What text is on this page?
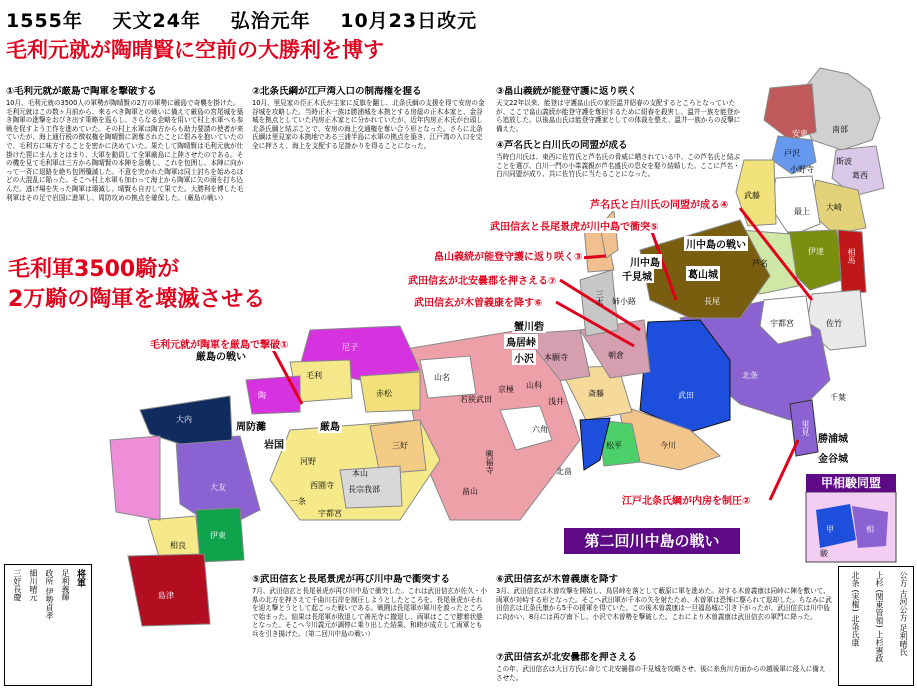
1555年 天文24年 弘治元年 10月23日改元
毛利元就が陶晴賢に空前の大勝利を博す
①毛利元就が厳島で陶軍を撃破する
10月、毛利元就の3500人の軍勢が陶晴賢の2万の軍勢に厳島で奇襲を掛けた。毛利元就はこの数ヶ月前から、来るべき陶軍との戦いに備えて厳島の宮尾城を築き陶軍の進撃をおびき出す策略を巡らし、さらなる企略を用いて村上水軍へも参戦を促すよう工作を進めていた。その村上水軍は陶方からも助力要請の使者が来ていたが、海上通行税の徴収権を陶晴賢に剥奪されたことに恨みを抱いていたので、毛利方に味方することを密かに決めていた。果たして陶晴賢は毛利元就が仕掛けた罠にまんまとはまり、大軍を動員して全軍厳島に上陸させたのである。その機を見て毛利軍は三方から陶晴賢の本陣を急襲し、これを包囲し、本陣に向かって一斉に退路を絶ち包囲殲滅した。不意を突かれた陶軍は同士討ちを始めるほどの大混乱に陥った。そこへ村上水軍も加わって海上から陶軍に矢の雨を打ち込んだ。逃げ場を失った陶軍は壊滅し、晴賢も自刃して果てた。大勝利を博した毛利軍はその足で岩国に進軍し、周防攻めの拠点を確保した。（厳島の戦い）
②北条氏綱が江戸湾入口の制海権を握る
10月、里見家の臣正木氏が主家に反旗を翻し、北条氏綱の支援を得て安房の金谷城を攻略した。当時正木一族は勝浦城を本拠とする房総の正木本家と、金谷城を拠点としていた内房正木家とに分かれていたが、近年内房正木氏が台頭し北条氏綱と結ぶことで、安房の海上交通権を奪い合う形となった。さらに北条氏綱は里見家の本拠地である三浦半島に水軍の拠点を築き、江戸湾の入口を完全に押さえ、海上を支配する足掛かりを得ることになった。
③畠山義続が能登守護に返り咲く
天文22年以来、能登は守護畠山氏の家臣温井紹春の支配するところとなっていたが、ここで畠山義続が能登守護を奪回するために紹春を殺害し、温井一族を能登から追放した。以後畠山氏は能登守護家としての体裁を整え、温井一族からの反撃に備えた。
④芦名氏と白川氏の同盟が成る
当時白川氏は、東西に佐竹氏と芦名氏の脅威に晒されている中、この芦名氏と結ぶことを選び、白川一門の小峯義親が芦名盛氏の息女を娶り結婚した。ここに芦名・白川同盟が成り、共に佐竹氏に当たることになった。
毛利軍3500騎が
2万騎の陶軍を壊滅させる
毛利元就が陶軍を厳島で撃破①
武田信玄と長尾景虎が川中島で衝突⑤
畠山義続が能登守護に返り咲く③
武田信玄が北安曇郡を押さえる⑦
武田信玄が木曽義康を降す⑥
芦名氏と白川氏の同盟が成る④
江戸北条氏綱が内房を制圧②
厳島の戦い
川中島の戦い
勝浦城
金谷城
周防灘
岩国
厳島
千見城	葛山城
川中島
蟹川砦
鳥居峠
小沢
安東	南部
戸沢
小野寺
斯波
葛西
大崎
最上
伊達
武藤
相馬
芦名
佐竹
宇都宮
長尾
北条
武田
今川
松平
斎藤
朝倉
三木
本願寺
六角
浅井
北畠
畠山
興福寺
山名
赤松
尼子
毛利
陶
大内
大友
相良
伊東
島津
河野
長宗我部
一条
三好
本山
西園寺
宇都宮
里見
千葉
姉小路
京極
若狭武田
山科
甲相駿同盟
甲	相
駿
第二回川中島の戦い
⑤武田信玄と長尾景虎が再び川中島で衝突する
7月、武田信玄と長尾景虎が再び川中島で衝突した。これは武田信玄が佐久・小県の北方を押さえて千曲川右岸を制圧しようとしたところを、長尾景虎がそれを迎え撃とうとして起こった戦いである。戦闘は長尾軍が犀川を渡ったところで始まった。結果は長尾軍が敗退して善光寺に撤退し、両軍はここで膠着状態となった。そこへ今川義元が調停に乗り出した結果、和睦が成立して両軍とも兵を引き揚げた。（第二回川中島の戦い）
⑥武田信玄が木曽義康を降す
3月、武田信玄は木曽攻撃を開始し、鳥居峠を落として藪原に軍を進めた。対する木曽義康は同峠に陣を敷いて、両軍が対峙する形となった。そこへ武田軍が千本の矢を射たため、木曽軍は恐怖に駆られて退却した。ちなみに武田信玄は北条氏康から5千の援軍を得ていた。この後木曽義康は一旦福島城に引き下がったが、武田信玄は川中島に向かい、8月には再び南下し、小沢で木曽勢を撃破した。これにより木曽義康は武田信玄の軍門に降った。
⑦武田信玄が北安曇郡を押さえる
この年、武田信玄は大日方氏に命じて北安曇郡の千見城を攻略させ、後に糸魚川方面からの越後軍に侵入に備えさせた。
将軍
足利義輝
政所 伊勢貞孝
細川晴元
三好長慶	公方 古河公方 足利晴氏
上杉 (関東管領) 上杉憲政
北条 (実権) 北条氏康
